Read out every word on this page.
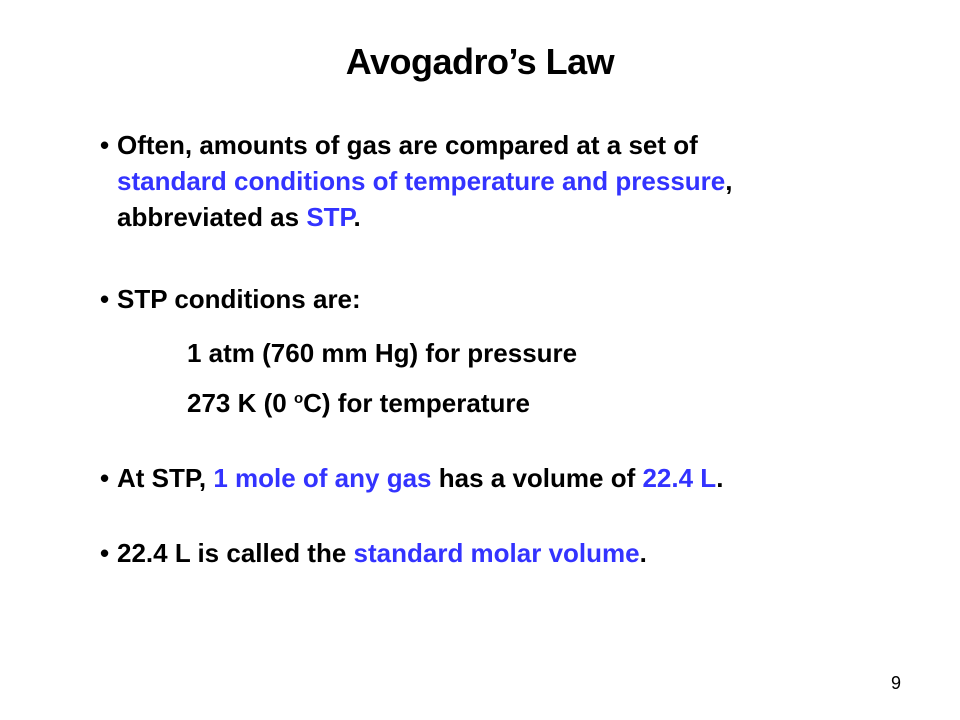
Avogadro’s Law
• Often, amounts of gas are compared at a set of
standard conditions of temperature and pressure,
abbreviated as STP.
• STP conditions are:
1 atm (760 mm Hg) for pressure
273 K (0 $^o$C) for temperature
• At STP, 1 mole of any gas has a volume of 22.4 L.
• 22.4 L is called the standard molar volume.
9
